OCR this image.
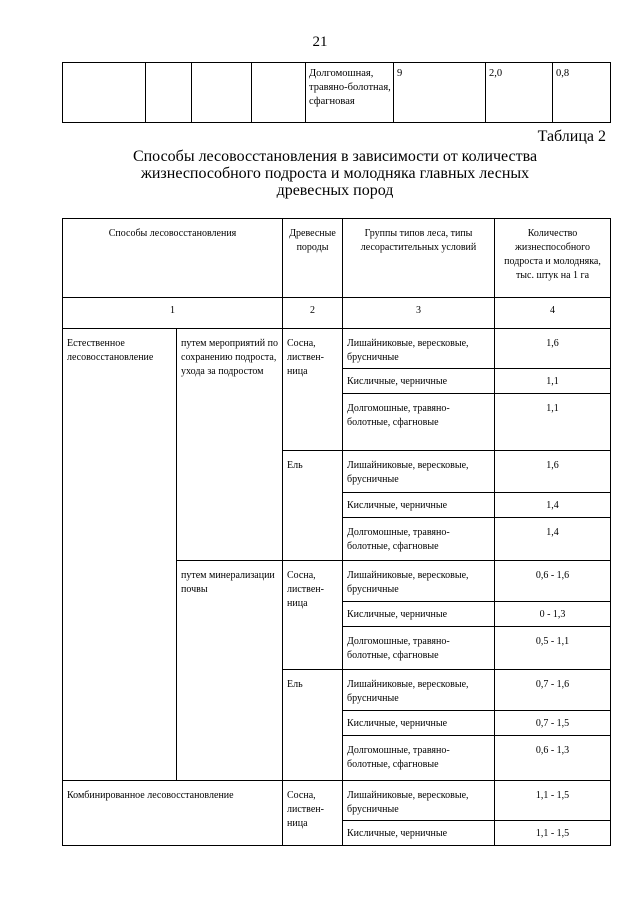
21
				Долгомошная, травяно-болотная, сфагновая	9	2,0	0,8
Таблица 2
Способы лесовосстановления в зависимости от количества
жизнеспособного подроста и молодняка главных лесных
древесных пород
Способы лесовосстановления		Древесные породы	Группы типов леса, типы лесорастительных условий	Количество жизнеспособного подроста и молодняка, тыс. штук на 1 га
1		2	3	4
Естественное лесовосстановление	путем мероприятий по сохранению подроста, ухода за подростом	Сосна, листвен-ница	Лишайниковые, вересковые, брусничные	1,6
			Кисличные, черничные	1,1
			Долгомошные, травяно-болотные, сфагновые	1,1
		Ель	Лишайниковые, вересковые, брусничные	1,6
			Кисличные, черничные	1,4
			Долгомошные, травяно-болотные, сфагновые	1,4
	путем минерализации почвы	Сосна, листвен-ница	Лишайниковые, вересковые, брусничные	0,6 - 1,6
			Кисличные, черничные	0 - 1,3
			Долгомошные, травяно-болотные, сфагновые	0,5 - 1,1
		Ель	Лишайниковые, вересковые, брусничные	0,7 - 1,6
			Кисличные, черничные	0,7 - 1,5
			Долгомошные, травяно-болотные, сфагновые	0,6 - 1,3
Комбинированное лесовосстановление		Сосна, листвен-ница	Лишайниковые, вересковые, брусничные	1,1 - 1,5
			Кисличные, черничные	1,1 - 1,5
